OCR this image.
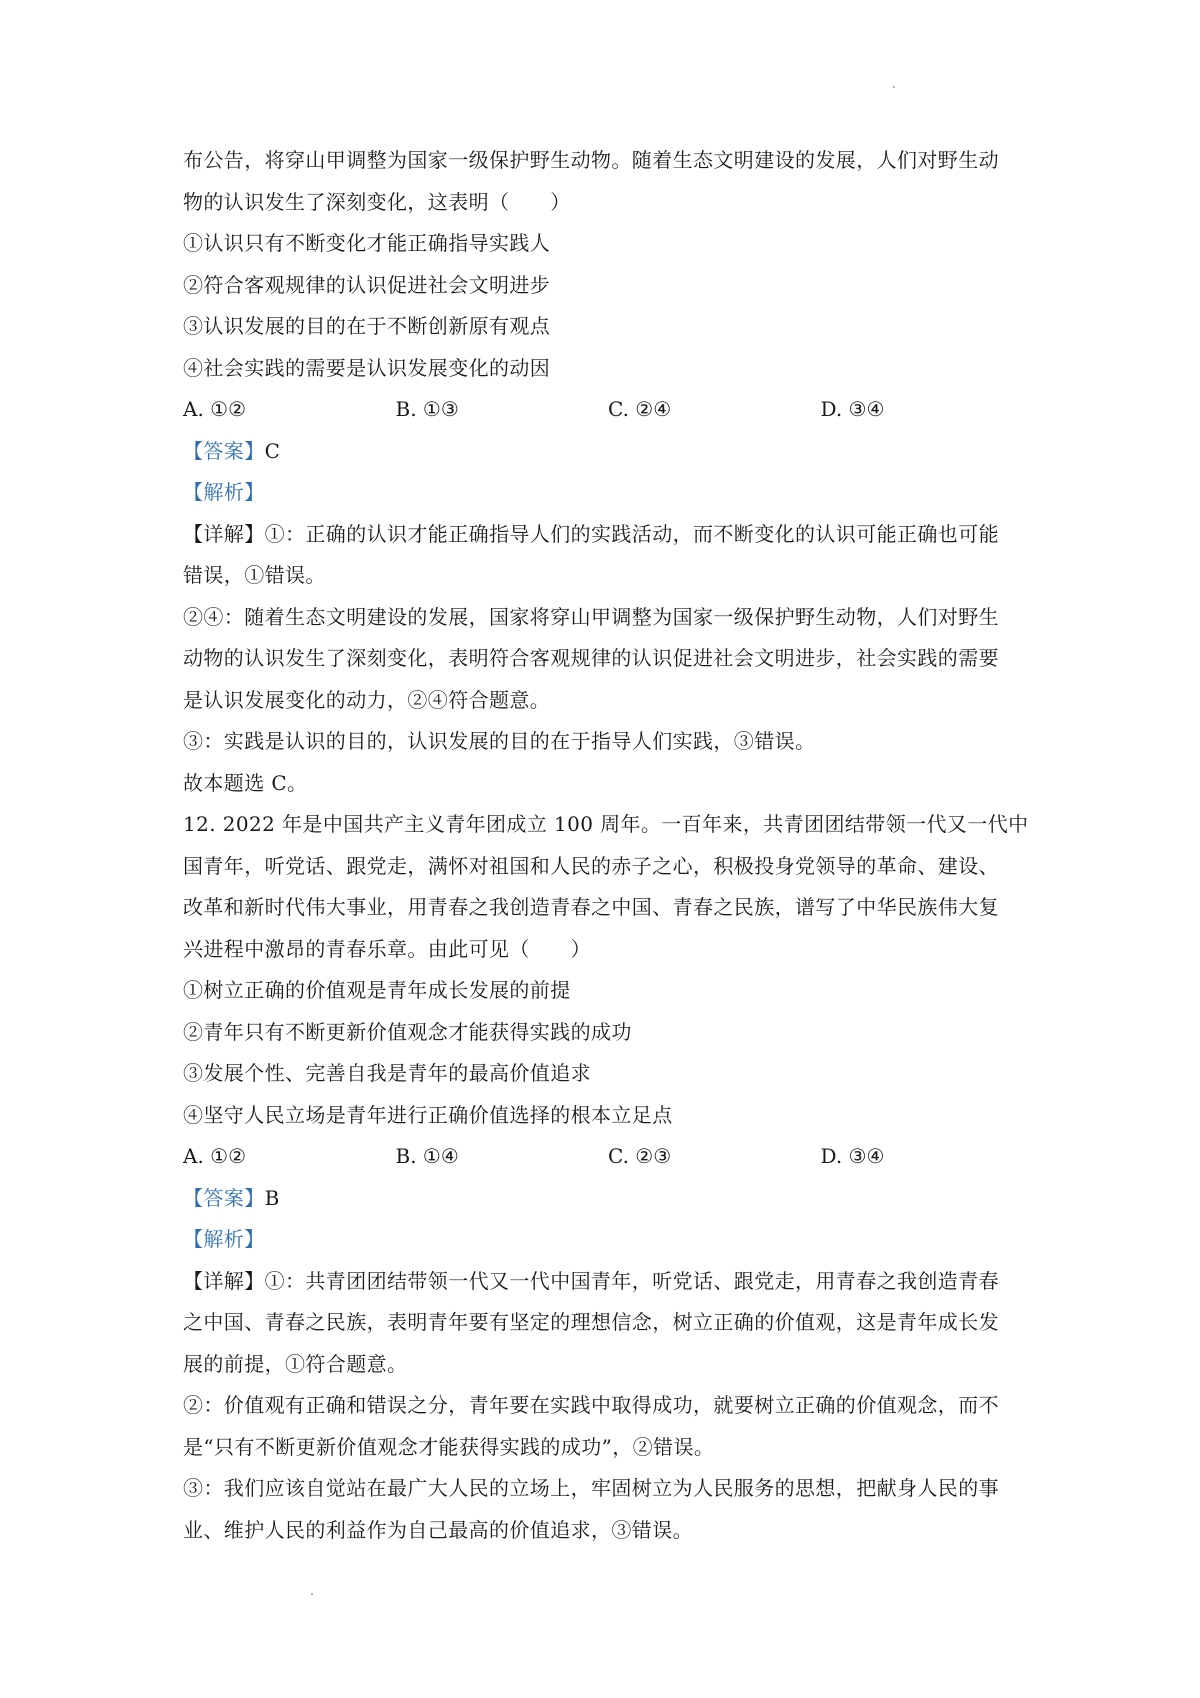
布公告，将穿山甲调整为国家一级保护野生动物。随着生态文明建设的发展，人们对野生动
物的认识发生了深刻变化，这表明（　　）
①认识只有不断变化才能正确指导实践人
②符合客观规律的认识促进社会文明进步
③认识发展的目的在于不断创新原有观点
④社会实践的需要是认识发展变化的动因
A. ①②	B. ①③	C. ②④	D. ③④
【答案】C
【解析】
【详解】①：正确的认识才能正确指导人们的实践活动，而不断变化的认识可能正确也可能
错误，①错误。
②④：随着生态文明建设的发展，国家将穿山甲调整为国家一级保护野生动物，人们对野生
动物的认识发生了深刻变化，表明符合客观规律的认识促进社会文明进步，社会实践的需要
是认识发展变化的动力，②④符合题意。
③：实践是认识的目的，认识发展的目的在于指导人们实践，③错误。
故本题选 C。
12. 2022 年是中国共产主义青年团成立 100 周年。一百年来，共青团团结带领一代又一代中
国青年，听党话、跟党走，满怀对祖国和人民的赤子之心，积极投身党领导的革命、建设、
改革和新时代伟大事业，用青春之我创造青春之中国、青春之民族，谱写了中华民族伟大复
兴进程中激昂的青春乐章。由此可见（　　）
①树立正确的价值观是青年成长发展的前提
②青年只有不断更新价值观念才能获得实践的成功
③发展个性、完善自我是青年的最高价值追求
④坚守人民立场是青年进行正确价值选择的根本立足点
A. ①②	B. ①④	C. ②③	D. ③④
【答案】B
【解析】
【详解】①：共青团团结带领一代又一代中国青年，听党话、跟党走，用青春之我创造青春
之中国、青春之民族，表明青年要有坚定的理想信念，树立正确的价值观，这是青年成长发
展的前提，①符合题意。
②：价值观有正确和错误之分，青年要在实践中取得成功，就要树立正确的价值观念，而不
是“只有不断更新价值观念才能获得实践的成功”，②错误。
③：我们应该自觉站在最广大人民的立场上，牢固树立为人民服务的思想，把献身人民的事
业、维护人民的利益作为自己最高的价值追求，③错误。
